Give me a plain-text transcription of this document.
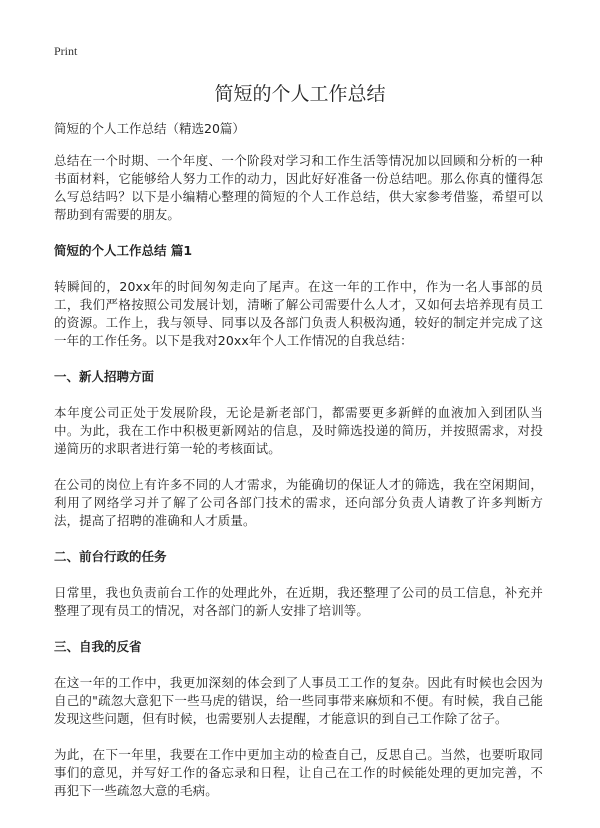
Print
简短的个人工作总结

简短的个人工作总结（精选20篇）

总结在一个时期、一个年度、一个阶段对学习和工作生活等情况加以回顾和分析的一种书面材料，它能够给人努力工作的动力，因此好好准备一份总结吧。那么你真的懂得怎么写总结吗？以下是小编精心整理的简短的个人工作总结，供大家参考借鉴，希望可以帮助到有需要的朋友。

简短的个人工作总结 篇1

转瞬间的，20xx年的时间匆匆走向了尾声。在这一年的工作中，作为一名人事部的员工，我们严格按照公司发展计划，清晰了解公司需要什么人才，又如何去培养现有员工的资源。工作上，我与领导、同事以及各部门负责人积极沟通，较好的制定并完成了这一年的工作任务。以下是我对20xx年个人工作情况的自我总结：

一、新人招聘方面

本年度公司正处于发展阶段，无论是新老部门，都需要更多新鲜的血液加入到团队当中。为此，我在工作中积极更新网站的信息，及时筛选投递的简历，并按照需求，对投递简历的求职者进行第一轮的考核面试。

在公司的岗位上有许多不同的人才需求，为能确切的保证人才的筛选，我在空闲期间，利用了网络学习并了解了公司各部门技术的需求，还向部分负责人请教了许多判断方法，提高了招聘的准确和人才质量。

二、前台行政的任务

日常里，我也负责前台工作的处理此外，在近期，我还整理了公司的员工信息，补充并整理了现有员工的情况，对各部门的新人安排了培训等。

三、自我的反省

在这一年的工作中，我更加深刻的体会到了人事员工工作的复杂。因此有时候也会因为自己的"疏忽大意犯下一些马虎的错误，给一些同事带来麻烦和不便。有时候，我自己能发现这些问题，但有时候，也需要别人去提醒，才能意识的到自己工作除了岔子。

为此，在下一年里，我要在工作中更加主动的检查自己，反思自己。当然，也要听取同事们的意见，并写好工作的备忘录和日程，让自己在工作的时候能处理的更加完善，不再犯下一些疏忽大意的毛病。
